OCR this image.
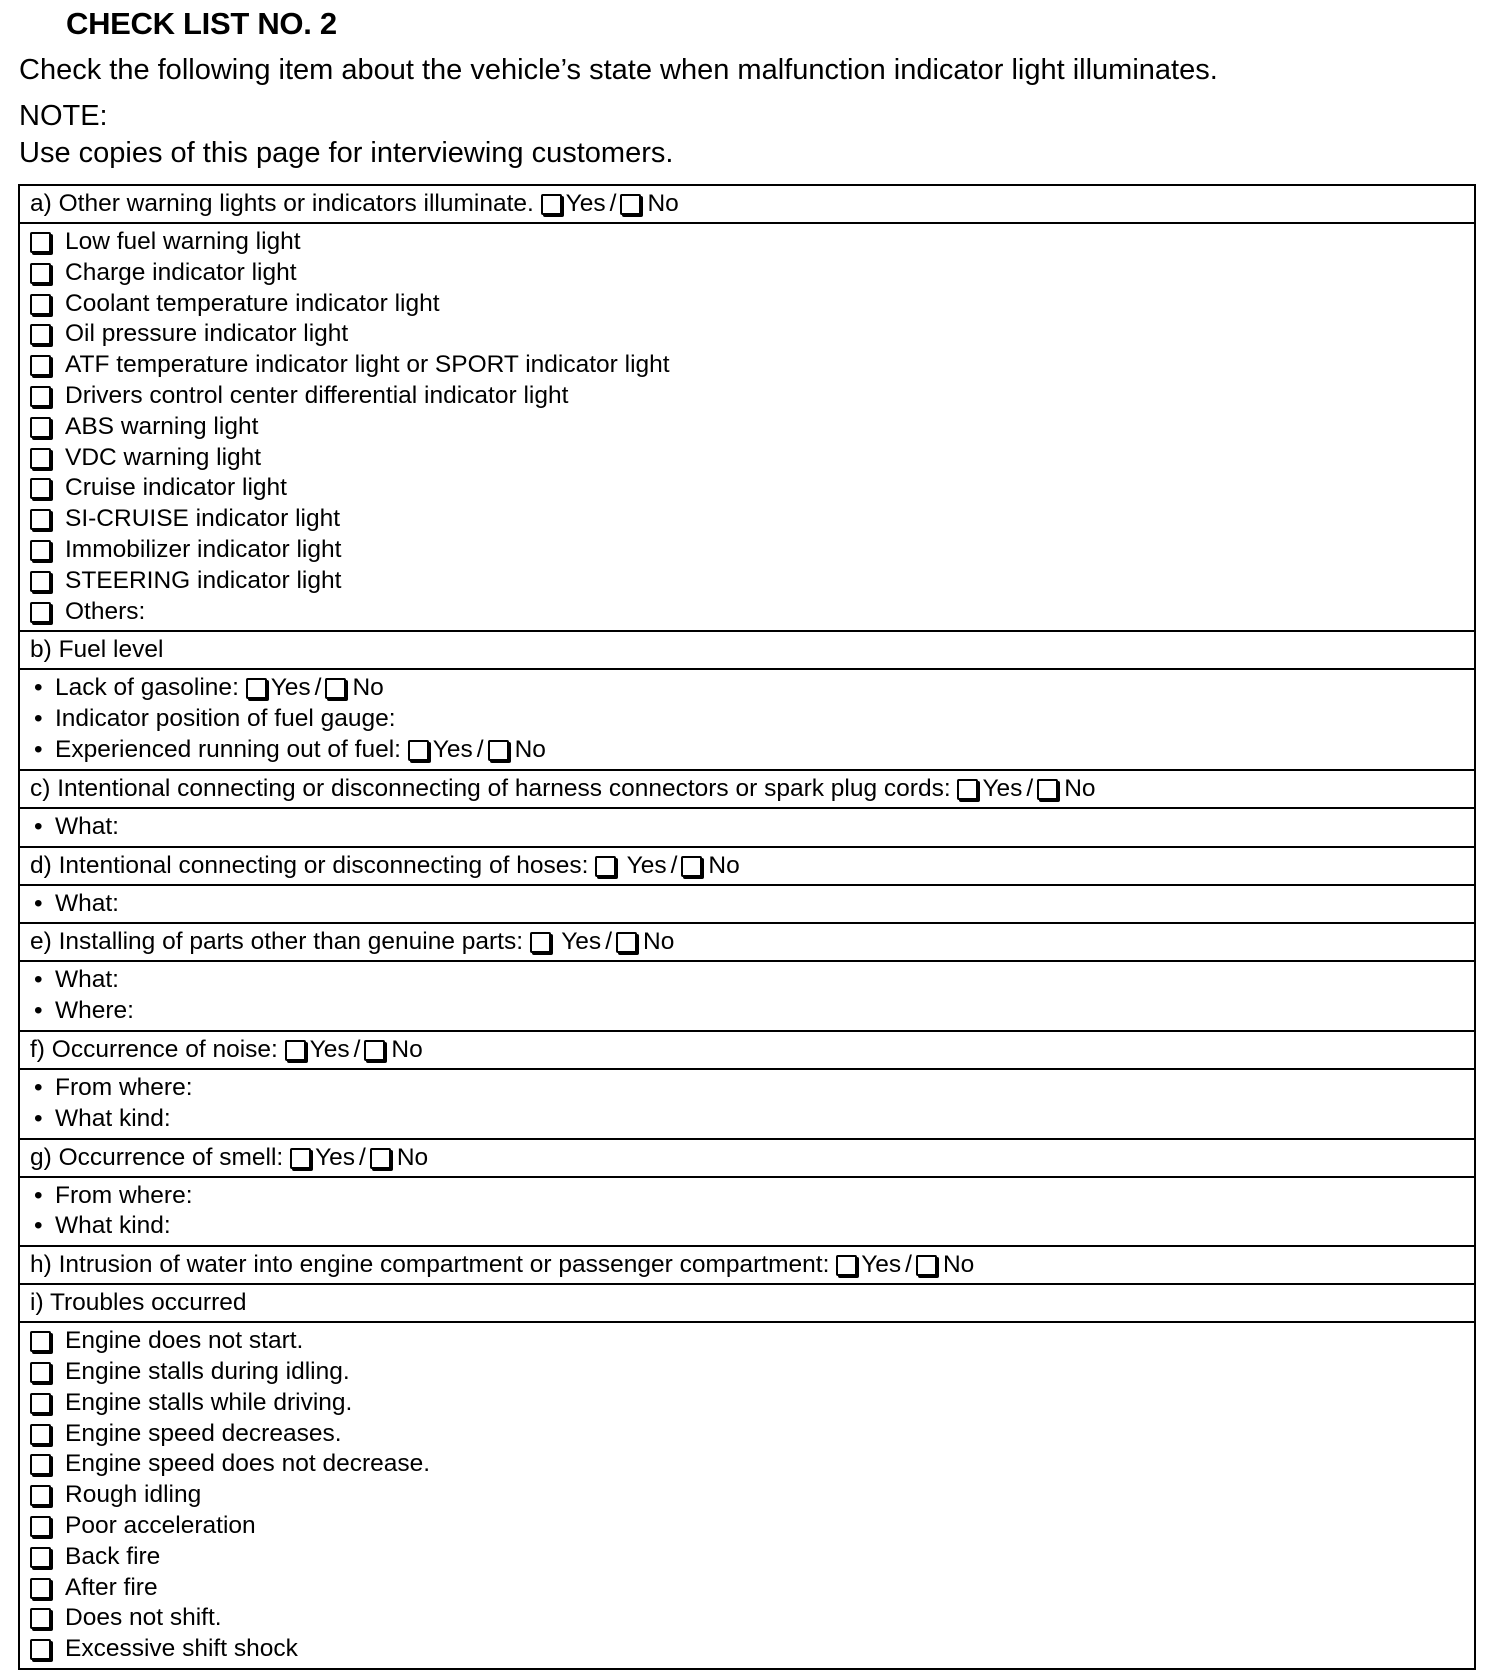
CHECK LIST NO. 2
Check the following item about the vehicle’s state when malfunction indicator light illuminates.
NOTE:
Use copies of this page for interviewing customers.
a) Other warning lights or indicators illuminate. Yes / No
Low fuel warning light
Charge indicator light
Coolant temperature indicator light
Oil pressure indicator light
ATF temperature indicator light or SPORT indicator light
Drivers control center differential indicator light
ABS warning light
VDC warning light
Cruise indicator light
SI-CRUISE indicator light
Immobilizer indicator light
STEERING indicator light
Others:
b) Fuel level
• Lack of gasoline: Yes / No
• Indicator position of fuel gauge:
• Experienced running out of fuel: Yes / No
c) Intentional connecting or disconnecting of harness connectors or spark plug cords: Yes / No
• What:
d) Intentional connecting or disconnecting of hoses: Yes / No
• What:
e) Installing of parts other than genuine parts: Yes / No
• What:
• Where:
f) Occurrence of noise: Yes / No
• From where:
• What kind:
g) Occurrence of smell: Yes / No
• From where:
• What kind:
h) Intrusion of water into engine compartment or passenger compartment: Yes / No
i) Troubles occurred
Engine does not start.
Engine stalls during idling.
Engine stalls while driving.
Engine speed decreases.
Engine speed does not decrease.
Rough idling
Poor acceleration
Back fire
After fire
Does not shift.
Excessive shift shock
